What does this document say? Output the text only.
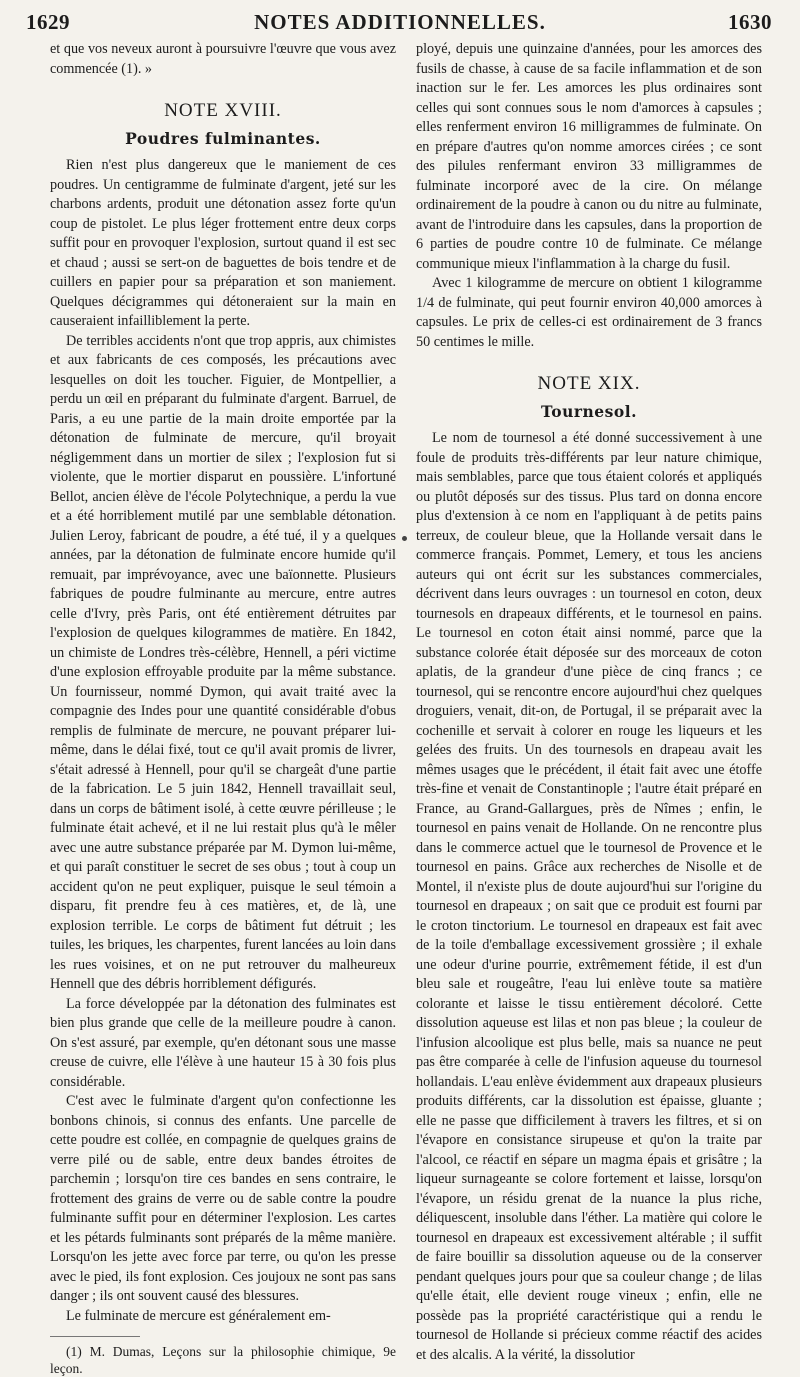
1629	NOTES ADDITIONNELLES.	1630

et que vos neveux auront à poursuivre l'œuvre que vous avez commencée (1). »

NOTE XVIII.
Poudres fulminantes.

Rien n'est plus dangereux que le maniement de ces poudres. Un centigramme de fulminate d'argent, jeté sur les charbons ardents, produit une détonation assez forte qu'un coup de pistolet. Le plus léger frottement entre deux corps suffit pour en provoquer l'explosion, surtout quand il est sec et chaud ; aussi se sert-on de baguettes de bois tendre et de cuillers en papier pour sa préparation et son maniement. Quelques décigrammes qui détoneraient sur la main en causeraient infailliblement la perte.

De terribles accidents n'ont que trop appris, aux chimistes et aux fabricants de ces composés, les précautions avec lesquelles on doit les toucher. Figuier, de Montpellier, a perdu un œil en préparant du fulminate d'argent. Barruel, de Paris, a eu une partie de la main droite emportée par la détonation de fulminate de mercure, qu'il broyait négligemment dans un mortier de silex ; l'explosion fut si violente, que le mortier disparut en poussière. L'infortuné Bellot, ancien élève de l'école Polytechnique, a perdu la vue et a été horriblement mutilé par une semblable détonation. Julien Leroy, fabricant de poudre, a été tué, il y a quelques années, par la détonation de fulminate encore humide qu'il remuait, par imprévoyance, avec une baïonnette. Plusieurs fabriques de poudre fulminante au mercure, entre autres celle d'Ivry, près Paris, ont été entièrement détruites par l'explosion de quelques kilogrammes de matière. En 1842, un chimiste de Londres très-célèbre, Hennell, a péri victime d'une explosion effroyable produite par la même substance. Un fournisseur, nommé Dymon, qui avait traité avec la compagnie des Indes pour une quantité considérable d'obus remplis de fulminate de mercure, ne pouvant préparer lui-même, dans le délai fixé, tout ce qu'il avait promis de livrer, s'était adressé à Hennell, pour qu'il se chargeât d'une partie de la fabrication. Le 5 juin 1842, Hennell travaillait seul, dans un corps de bâtiment isolé, à cette œuvre périlleuse ; le fulminate était achevé, et il ne lui restait plus qu'à le mêler avec une autre substance préparée par M. Dymon lui-même, et qui paraît constituer le secret de ses obus ; tout à coup un accident qu'on ne peut expliquer, puisque le seul témoin a disparu, fit prendre feu à ces matières, et, de là, une explosion terrible. Le corps de bâtiment fut détruit ; les tuiles, les briques, les charpentes, furent lancées au loin dans les rues voisines, et on ne put retrouver du malheureux Hennell que des débris horriblement défigurés.

La force développée par la détonation des fulminates est bien plus grande que celle de la meilleure poudre à canon. On s'est assuré, par exemple, qu'en détonant sous une masse creuse de cuivre, elle l'élève à une hauteur 15 à 30 fois plus considérable.

C'est avec le fulminate d'argent qu'on confectionne les bonbons chinois, si connus des enfants. Une parcelle de cette poudre est collée, en compagnie de quelques grains de verre pilé ou de sable, entre deux bandes étroites de parchemin ; lorsqu'on tire ces bandes en sens contraire, le frottement des grains de verre ou de sable contre la poudre fulminante suffit pour en déterminer l'explosion. Les cartes et les pétards fulminants sont préparés de la même manière. Lorsqu'on les jette avec force par terre, ou qu'on les presse avec le pied, ils font explosion. Ces joujoux ne sont pas sans danger ; ils ont souvent causé des blessures.

Le fulminate de mercure est généralement em-

(1) M. Dumas, Leçons sur la philosophie chimique, 9e leçon.

ployé, depuis une quinzaine d'années, pour les amorces des fusils de chasse, à cause de sa facile inflammation et de son inaction sur le fer. Les amorces les plus ordinaires sont celles qui sont connues sous le nom d'amorces à capsules ; elles renferment environ 16 milligrammes de fulminate. On en prépare d'autres qu'on nomme amorces cirées ; ce sont des pilules renfermant environ 33 milligrammes de fulminate incorporé avec de la cire. On mélange ordinairement de la poudre à canon ou du nitre au fulminate, avant de l'introduire dans les capsules, dans la proportion de 6 parties de poudre contre 10 de fulminate. Ce mélange communique mieux l'inflammation à la charge du fusil.

Avec 1 kilogramme de mercure on obtient 1 kilogramme 1/4 de fulminate, qui peut fournir environ 40,000 amorces à capsules. Le prix de celles-ci est ordinairement de 3 francs 50 centimes le mille.

NOTE XIX.
Tournesol.

Le nom de tournesol a été donné successivement à une foule de produits très-différents par leur nature chimique, mais semblables, parce que tous étaient colorés et appliqués ou plutôt déposés sur des tissus. Plus tard on donna encore plus d'extension à ce nom en l'appliquant à de petits pains terreux, de couleur bleue, que la Hollande versait dans le commerce français. Pommet, Lemery, et tous les anciens auteurs qui ont écrit sur les substances commerciales, décrivent dans leurs ouvrages : un tournesol en coton, deux tournesols en drapeaux différents, et le tournesol en pains. Le tournesol en coton était ainsi nommé, parce que la substance colorée était déposée sur des morceaux de coton aplatis, de la grandeur d'une pièce de cinq francs ; ce tournesol, qui se rencontre encore aujourd'hui chez quelques droguiers, venait, dit-on, de Portugal, il se préparait avec la cochenille et servait à colorer en rouge les liqueurs et les gelées des fruits. Un des tournesols en drapeau avait les mêmes usages que le précédent, il était fait avec une étoffe très-fine et venait de Constantinople ; l'autre était préparé en France, au Grand-Gallargues, près de Nîmes ; enfin, le tournesol en pains venait de Hollande. On ne rencontre plus dans le commerce actuel que le tournesol de Provence et le tournesol en pains. Grâce aux recherches de Nisolle et de Montel, il n'existe plus de doute aujourd'hui sur l'origine du tournesol en drapeaux ; on sait que ce produit est fourni par le croton tinctorium. Le tournesol en drapeaux est fait avec de la toile d'emballage excessivement grossière ; il exhale une odeur d'urine pourrie, extrêmement fétide, il est d'un bleu sale et rougeâtre, l'eau lui enlève toute sa matière colorante et laisse le tissu entièrement décoloré. Cette dissolution aqueuse est lilas et non pas bleue ; la couleur de l'infusion alcoolique est plus belle, mais sa nuance ne peut pas être comparée à celle de l'infusion aqueuse du tournesol hollandais. L'eau enlève évidemment aux drapeaux plusieurs produits différents, car la dissolution est épaisse, gluante ; elle ne passe que difficilement à travers les filtres, et si on l'évapore en consistance sirupeuse et qu'on la traite par l'alcool, ce réactif en sépare un magma épais et grisâtre ; la liqueur surnageante se colore fortement et laisse, lorsqu'on l'évapore, un résidu grenat de la nuance la plus riche, déliquescent, insoluble dans l'éther. La matière qui colore le tournesol en drapeaux est excessivement altérable ; il suffit de faire bouillir sa dissolution aqueuse ou de la conserver pendant quelques jours pour que sa couleur change ; de lilas qu'elle était, elle devient rouge vineux ; enfin, elle ne possède pas la propriété caractéristique qui a rendu le tournesol de Hollande si précieux comme réactif des acides et des alcalis. A la vérité, la dissolutior
